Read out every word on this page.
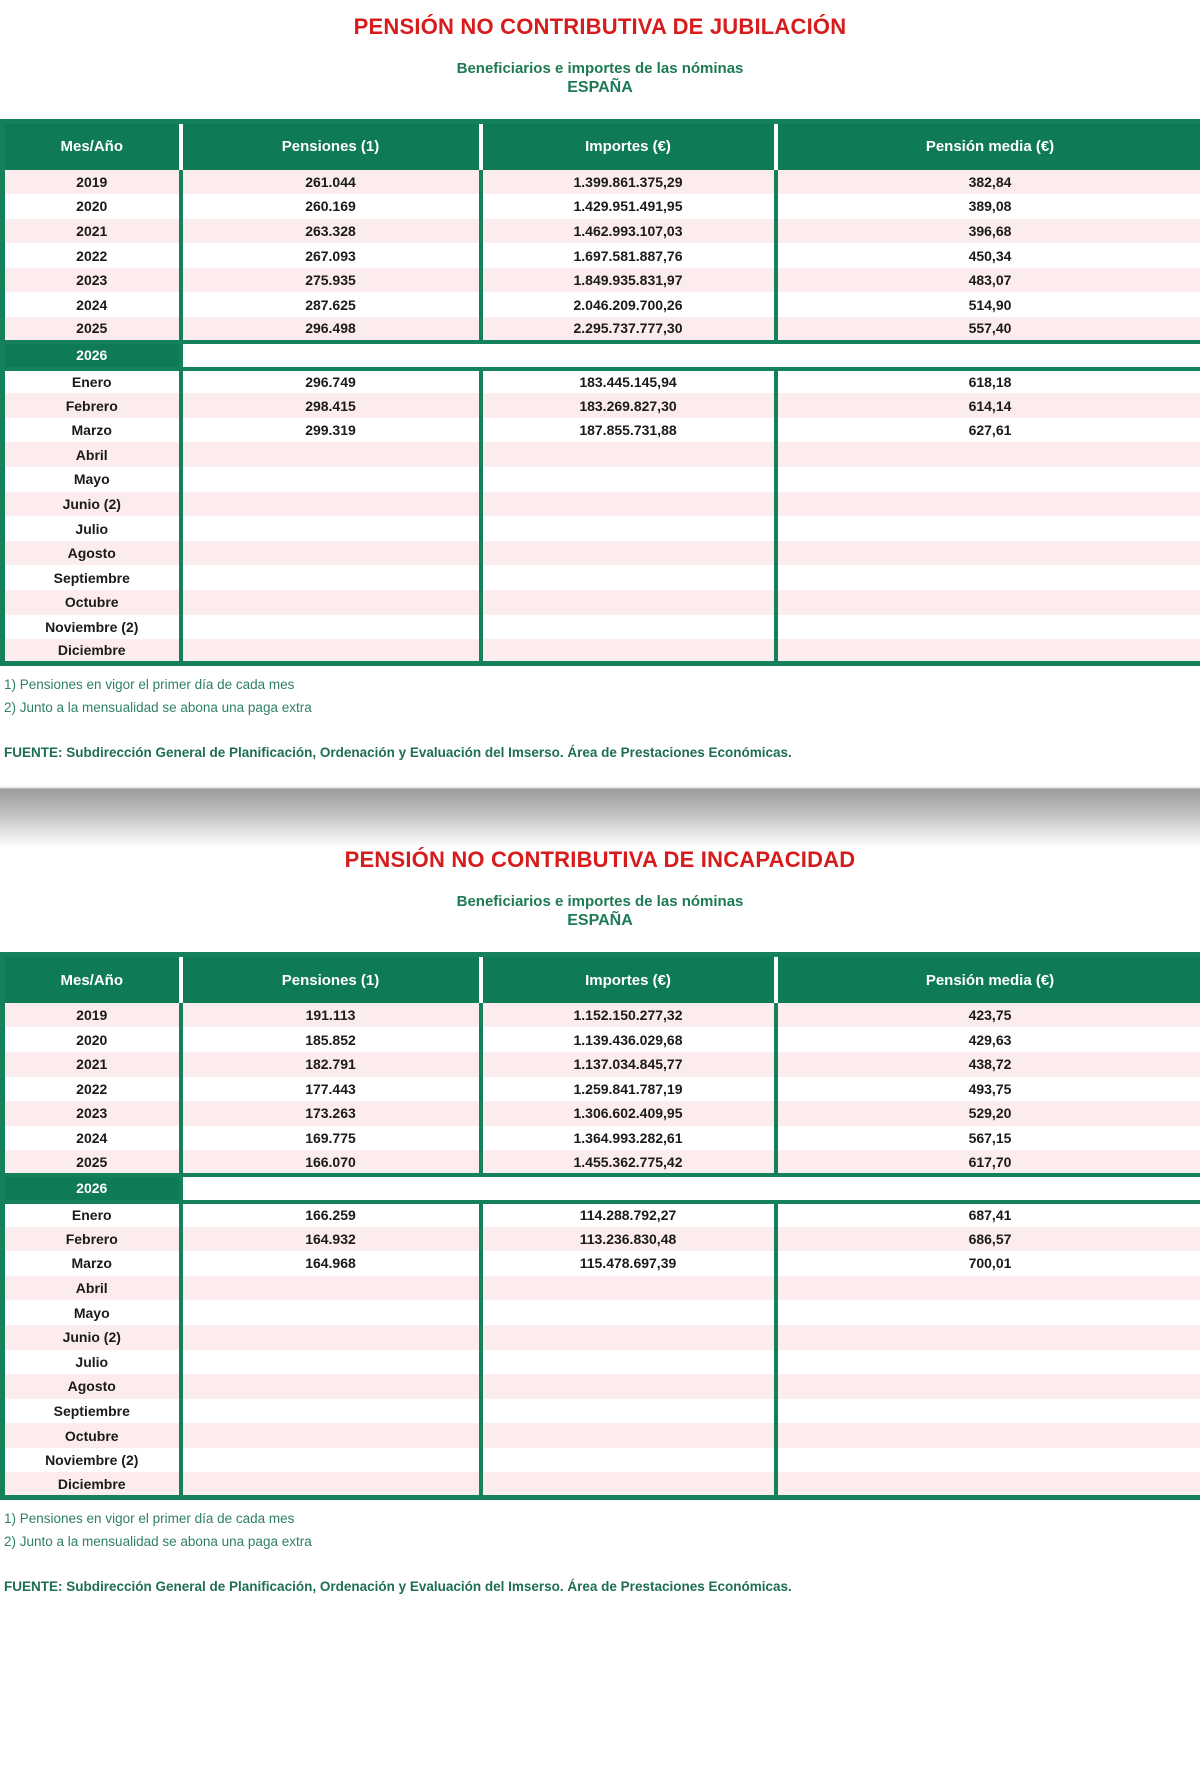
PENSIÓN NO CONTRIBUTIVA DE JUBILACIÓN
Beneficiarios e importes de las nóminas
ESPAÑA
Mes/Año	Pensiones (1)	Importes (€)	Pensión media (€)
2019	261.044	1.399.861.375,29	382,84
2020	260.169	1.429.951.491,95	389,08
2021	263.328	1.462.993.107,03	396,68
2022	267.093	1.697.581.887,76	450,34
2023	275.935	1.849.935.831,97	483,07
2024	287.625	2.046.209.700,26	514,90
2025	296.498	2.295.737.777,30	557,40
2026			
Enero	296.749	183.445.145,94	618,18
Febrero	298.415	183.269.827,30	614,14
Marzo	299.319	187.855.731,88	627,61
Abril			
Mayo			
Junio (2)			
Julio			
Agosto			
Septiembre			
Octubre			
Noviembre (2)			
Diciembre			
1) Pensiones en vigor el primer día de cada mes
2) Junto a la mensualidad se abona una paga extra
FUENTE: Subdirección General de Planificación, Ordenación y Evaluación del Imserso. Área de Prestaciones Económicas.
PENSIÓN NO CONTRIBUTIVA DE INCAPACIDAD
Beneficiarios e importes de las nóminas
ESPAÑA
Mes/Año	Pensiones (1)	Importes (€)	Pensión media (€)
2019	191.113	1.152.150.277,32	423,75
2020	185.852	1.139.436.029,68	429,63
2021	182.791	1.137.034.845,77	438,72
2022	177.443	1.259.841.787,19	493,75
2023	173.263	1.306.602.409,95	529,20
2024	169.775	1.364.993.282,61	567,15
2025	166.070	1.455.362.775,42	617,70
2026			
Enero	166.259	114.288.792,27	687,41
Febrero	164.932	113.236.830,48	686,57
Marzo	164.968	115.478.697,39	700,01
Abril			
Mayo			
Junio (2)			
Julio			
Agosto			
Septiembre			
Octubre			
Noviembre (2)			
Diciembre			
1) Pensiones en vigor el primer día de cada mes
2) Junto a la mensualidad se abona una paga extra
FUENTE: Subdirección General de Planificación, Ordenación y Evaluación del Imserso. Área de Prestaciones Económicas.
